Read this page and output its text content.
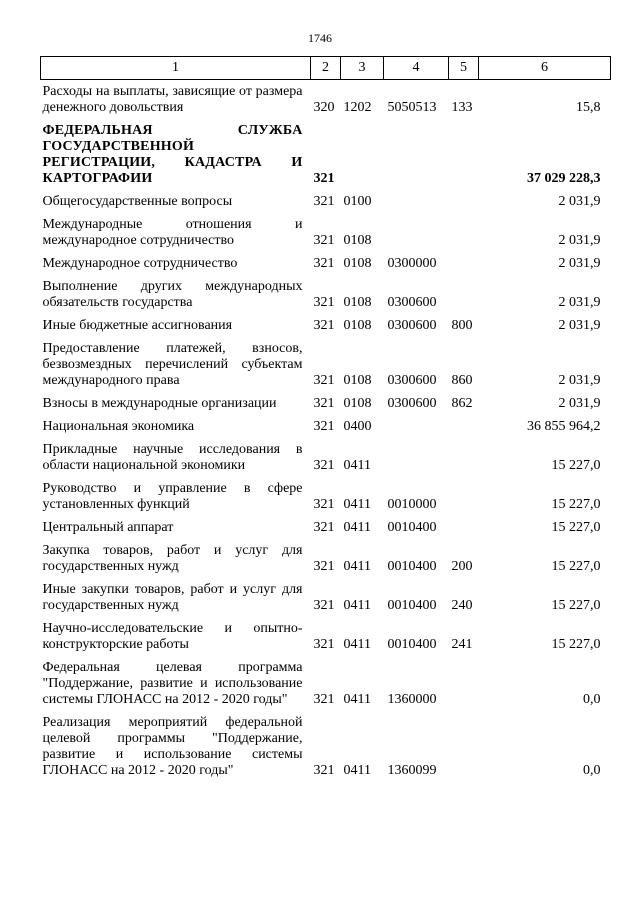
1746
1	2	3	4	5	6
Расходы на выплаты, зависящие от размера денежного довольствия	320	1202	5050513	133	15,8
ФЕДЕРАЛЬНАЯ СЛУЖБА ГОСУДАРСТВЕННОЙ РЕГИСТРАЦИИ, КАДАСТРА И КАРТОГРАФИИ	321				37 029 228,3
Общегосударственные вопросы	321	0100			2 031,9
Международные отношения и международное сотрудничество	321	0108			2 031,9
Международное сотрудничество	321	0108	0300000		2 031,9
Выполнение других международных обязательств государства	321	0108	0300600		2 031,9
Иные бюджетные ассигнования	321	0108	0300600	800	2 031,9
Предоставление платежей, взносов, безвозмездных перечислений субъектам международного права	321	0108	0300600	860	2 031,9
Взносы в международные организации	321	0108	0300600	862	2 031,9
Национальная экономика	321	0400			36 855 964,2
Прикладные научные исследования в области национальной экономики	321	0411			15 227,0
Руководство и управление в сфере установленных функций	321	0411	0010000		15 227,0
Центральный аппарат	321	0411	0010400		15 227,0
Закупка товаров, работ и услуг для государственных нужд	321	0411	0010400	200	15 227,0
Иные закупки товаров, работ и услуг для государственных нужд	321	0411	0010400	240	15 227,0
Научно-исследовательские и опытно-конструкторские работы	321	0411	0010400	241	15 227,0
Федеральная целевая программа "Поддержание, развитие и использование системы ГЛОНАСС на 2012 - 2020 годы"	321	0411	1360000		0,0
Реализация мероприятий федеральной целевой программы "Поддержание, развитие и использование системы ГЛОНАСС на 2012 - 2020 годы"	321	0411	1360099		0,0
